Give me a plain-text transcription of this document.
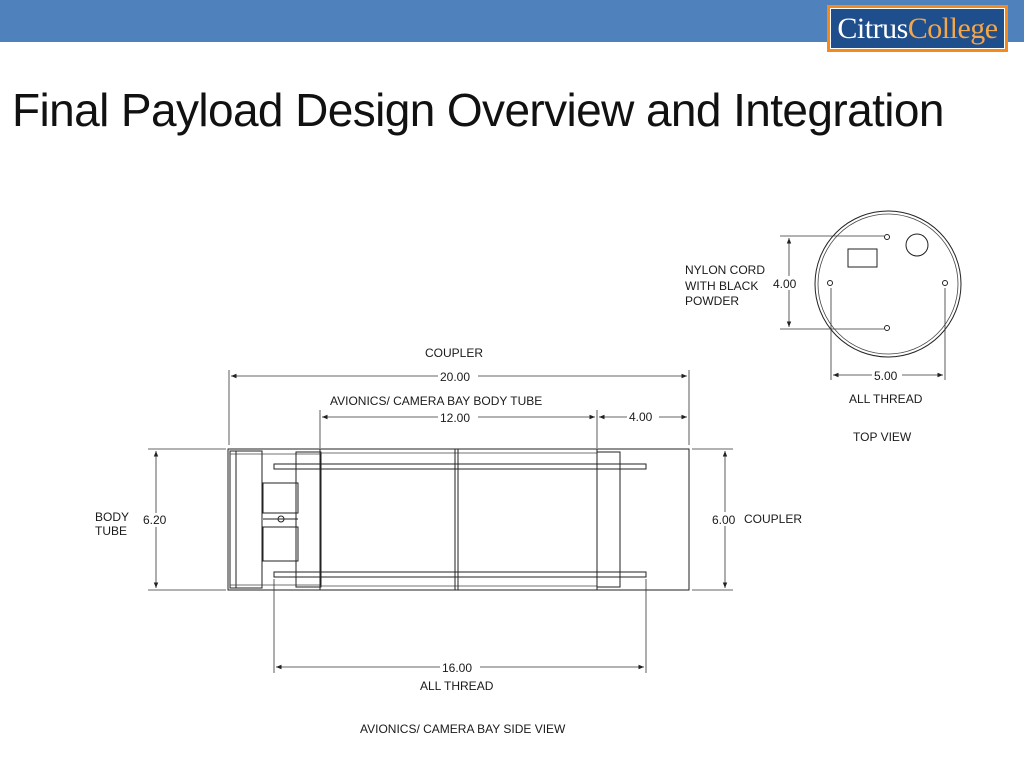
Citrus College
Final Payload Design Overview and Integration
4.00
NYLON CORD
WITH BLACK
POWDER
5.00
ALL THREAD
TOP VIEW
COUPLER
20.00
AVIONICS/ CAMERA BAY BODY TUBE
12.00	4.00
6.20
BODY
TUBE
6.00 COUPLER
16.00
ALL THREAD
AVIONICS/ CAMERA BAY SIDE VIEW
